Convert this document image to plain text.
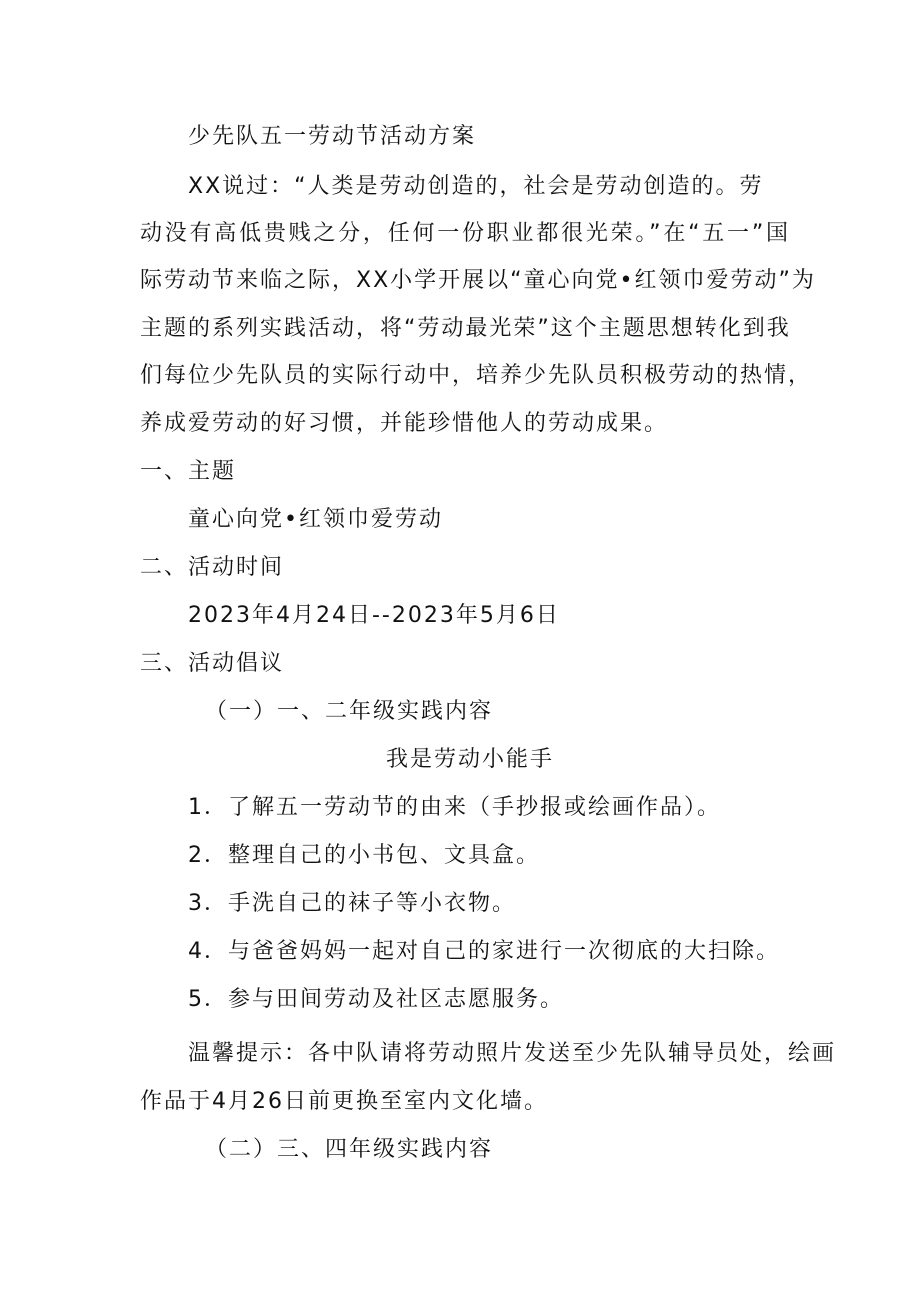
少先队五一劳动节活动方案
XX说过：“人类是劳动创造的，社会是劳动创造的。劳
动没有高低贵贱之分，任何一份职业都很光荣。”在“五一”国
际劳动节来临之际，XX小学开展以“童心向党•红领巾爱劳动”为
主题的系列实践活动，将“劳动最光荣”这个主题思想转化到我
们每位少先队员的实际行动中，培养少先队员积极劳动的热情，
养成爱劳动的好习惯，并能珍惜他人的劳动成果。
一、主题
童心向党•红领巾爱劳动
二、活动时间
2023年4月24日--2023年5月6日
三、活动倡议
（一）一、二年级实践内容
我是劳动小能手
1．了解五一劳动节的由来（手抄报或绘画作品）。
2．整理自己的小书包、文具盒。
3．手洗自己的袜子等小衣物。
4．与爸爸妈妈一起对自己的家进行一次彻底的大扫除。
5．参与田间劳动及社区志愿服务。
温馨提示：各中队请将劳动照片发送至少先队辅导员处，绘画
作品于4月26日前更换至室内文化墙。
（二）三、四年级实践内容
